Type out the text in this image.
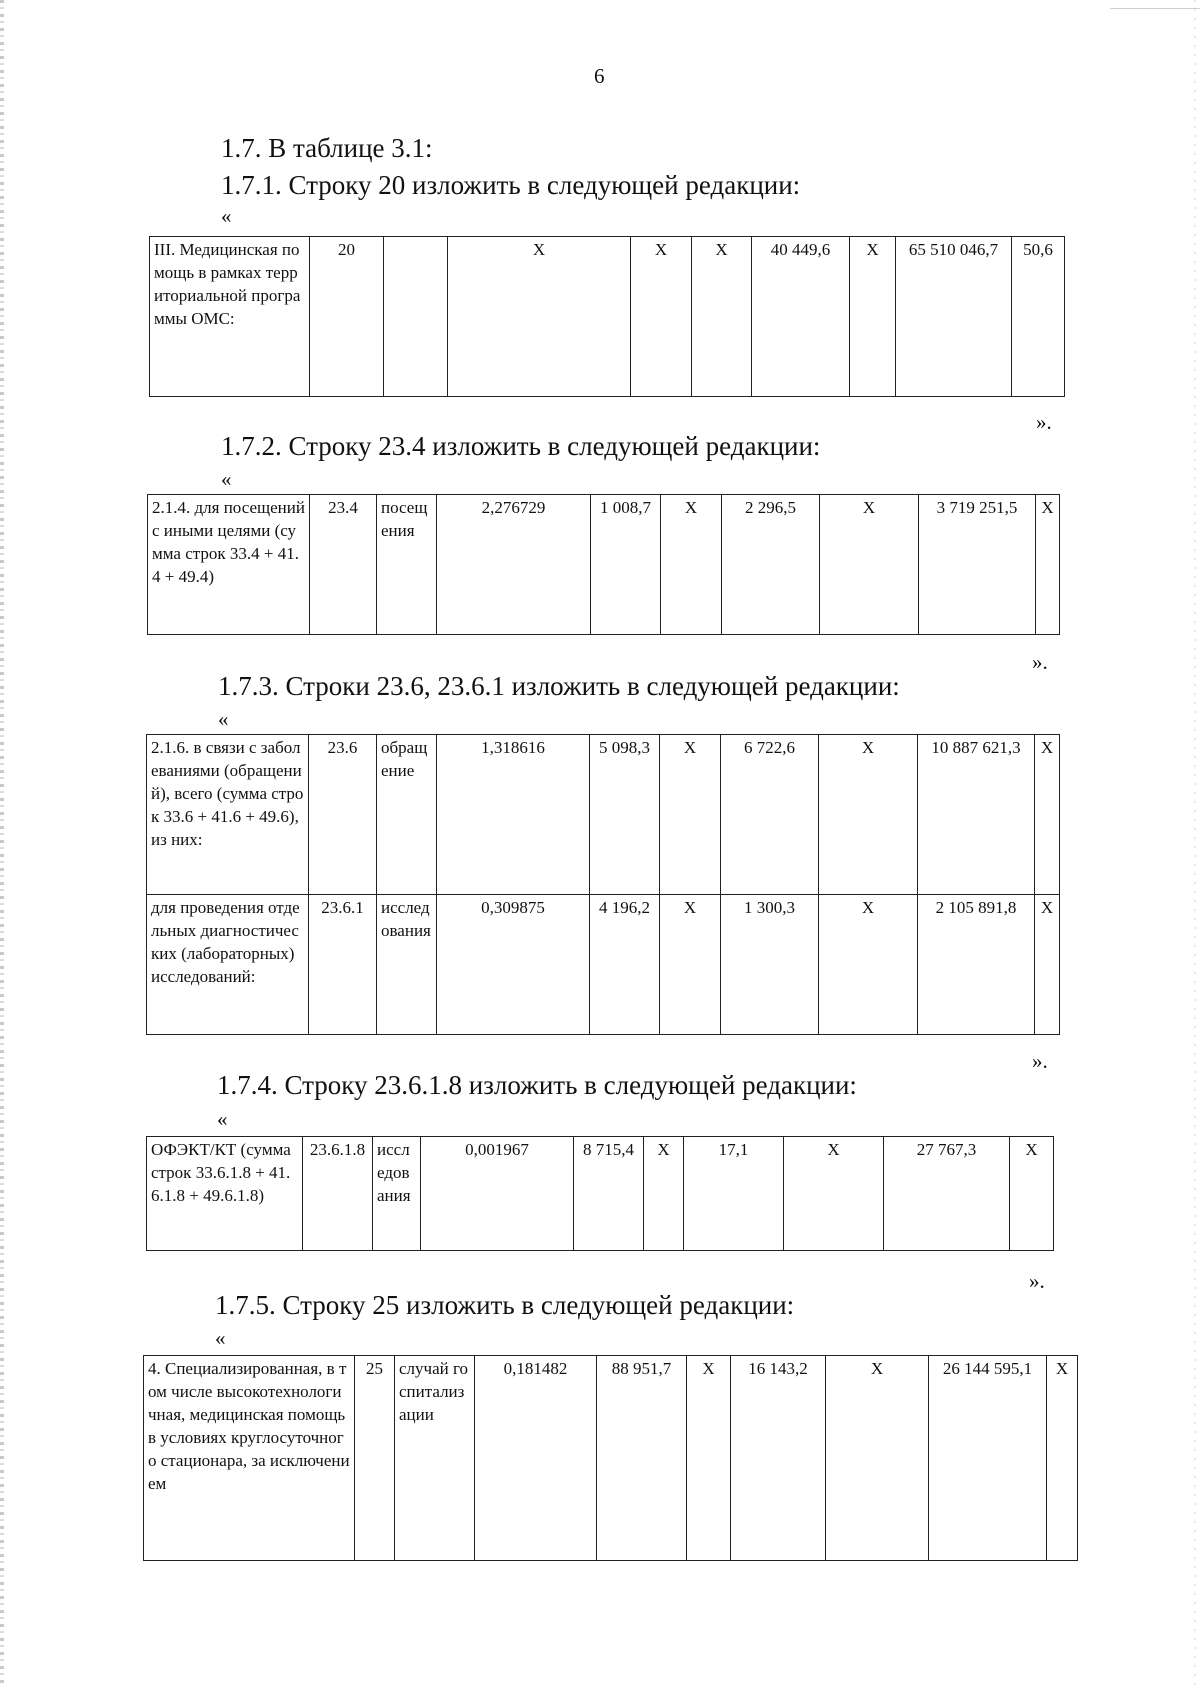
6
1.7. В таблице 3.1:
1.7.1. Строку 20 изложить в следующей редакции:
«
III. Медицинская помощь в рамках территориальной программы ОМС:	20		X	X	X	40 449,6	X	65 510 046,7	50,6
».
1.7.2. Строку 23.4 изложить в следующей редакции:
«
2.1.4. для посещений с иными целями (сумма строк 33.4 + 41.4 + 49.4)	23.4	посещения	2,276729	1 008,7	X	2 296,5	X	3 719 251,5	X
».
1.7.3. Строки 23.6, 23.6.1 изложить в следующей редакции:
«
2.1.6. в связи с заболеваниями (обращений), всего (сумма строк 33.6 + 41.6 + 49.6), из них:	23.6	обращение	1,318616	5 098,3	X	6 722,6	X	10 887 621,3	X
для проведения отдельных диагностических (лабораторных) исследований:	23.6.1	исследования	0,309875	4 196,2	X	1 300,3	X	2 105 891,8	X
».
1.7.4. Строку 23.6.1.8 изложить в следующей редакции:
«
ОФЭКТ/КТ (сумма строк 33.6.1.8 + 41.6.1.8 + 49.6.1.8)	23.6.1.8	исследования	0,001967	8 715,4	X	17,1	X	27 767,3	X
».
1.7.5. Строку 25 изложить в следующей редакции:
«
4. Специализированная, в том числе высокотехнологичная, медицинская помощь в условиях круглосуточного стационара, за исключением	25	случай госпитализации	0,181482	88 951,7	X	16 143,2	X	26 144 595,1	X
